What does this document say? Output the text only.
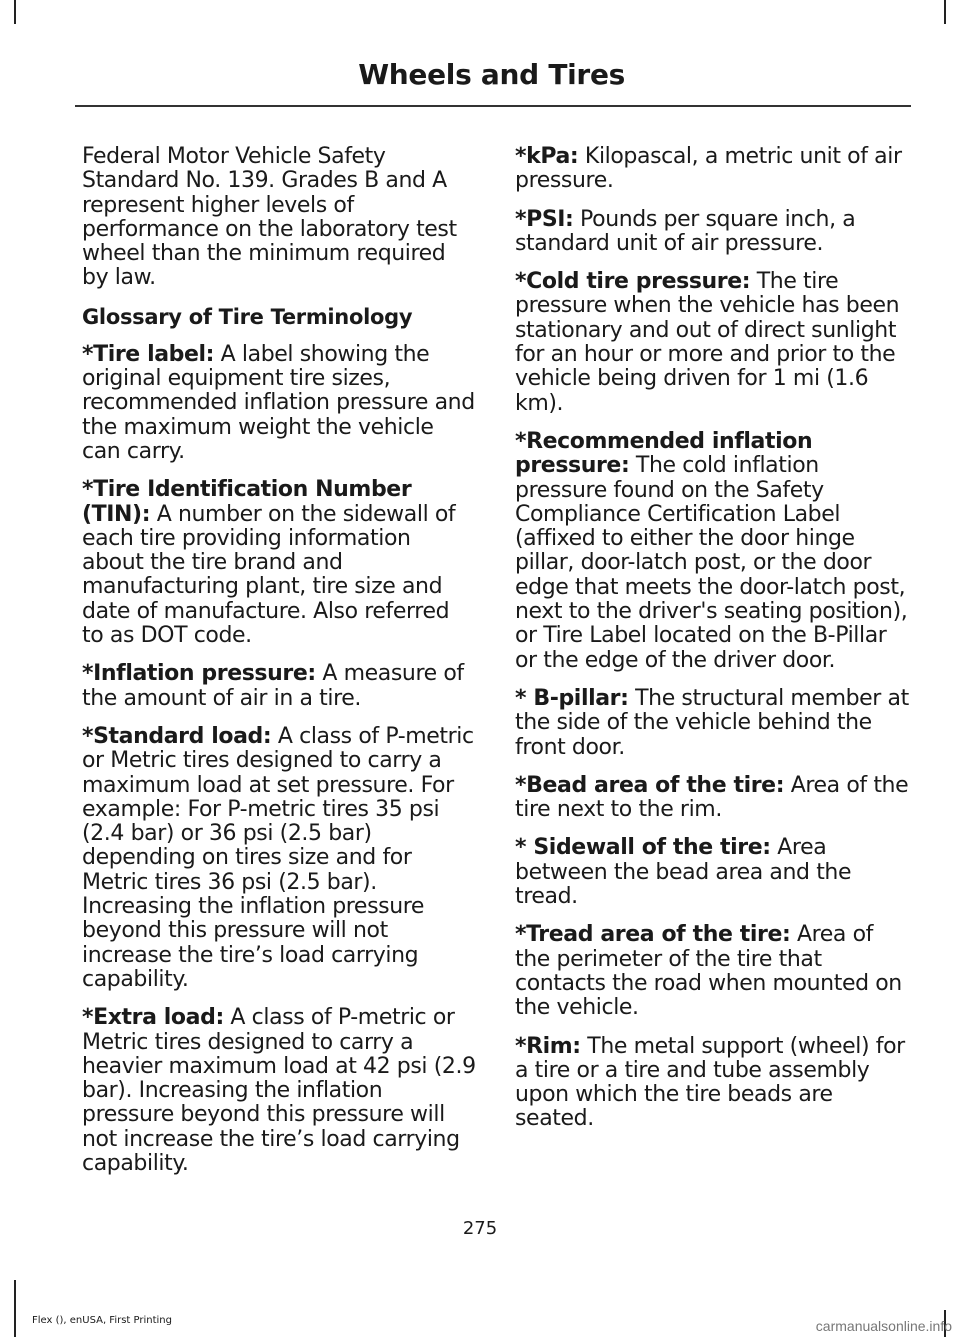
Wheels and Tires

Federal Motor Vehicle Safety Standard No. 139. Grades B and A represent higher levels of performance on the laboratory test wheel than the minimum required by law.

Glossary of Tire Terminology

*Tire label: A label showing the original equipment tire sizes, recommended inflation pressure and the maximum weight the vehicle can carry.

*Tire Identification Number (TIN): A number on the sidewall of each tire providing information about the tire brand and manufacturing plant, tire size and date of manufacture. Also referred to as DOT code.

*Inflation pressure: A measure of the amount of air in a tire.

*Standard load: A class of P-metric or Metric tires designed to carry a maximum load at set pressure. For example: For P-metric tires 35 psi (2.4 bar) or 36 psi (2.5 bar) depending on tires size and for Metric tires 36 psi (2.5 bar). Increasing the inflation pressure beyond this pressure will not increase the tire’s load carrying capability.

*Extra load: A class of P-metric or Metric tires designed to carry a heavier maximum load at 42 psi (2.9 bar). Increasing the inflation pressure beyond this pressure will not increase the tire’s load carrying capability.

*kPa: Kilopascal, a metric unit of air pressure.

*PSI: Pounds per square inch, a standard unit of air pressure.

*Cold tire pressure: The tire pressure when the vehicle has been stationary and out of direct sunlight for an hour or more and prior to the vehicle being driven for 1 mi (1.6 km).

*Recommended inflation pressure: The cold inflation pressure found on the Safety Compliance Certification Label (affixed to either the door hinge pillar, door-latch post, or the door edge that meets the door-latch post, next to the driver's seating position), or Tire Label located on the B-Pillar or the edge of the driver door.

* B-pillar: The structural member at the side of the vehicle behind the front door.

*Bead area of the tire: Area of the tire next to the rim.

* Sidewall of the tire: Area between the bead area and the tread.

*Tread area of the tire: Area of the perimeter of the tire that contacts the road when mounted on the vehicle.

*Rim: The metal support (wheel) for a tire or a tire and tube assembly upon which the tire beads are seated.

275
Flex (), enUSA, First Printing	carmanualsonline.info
